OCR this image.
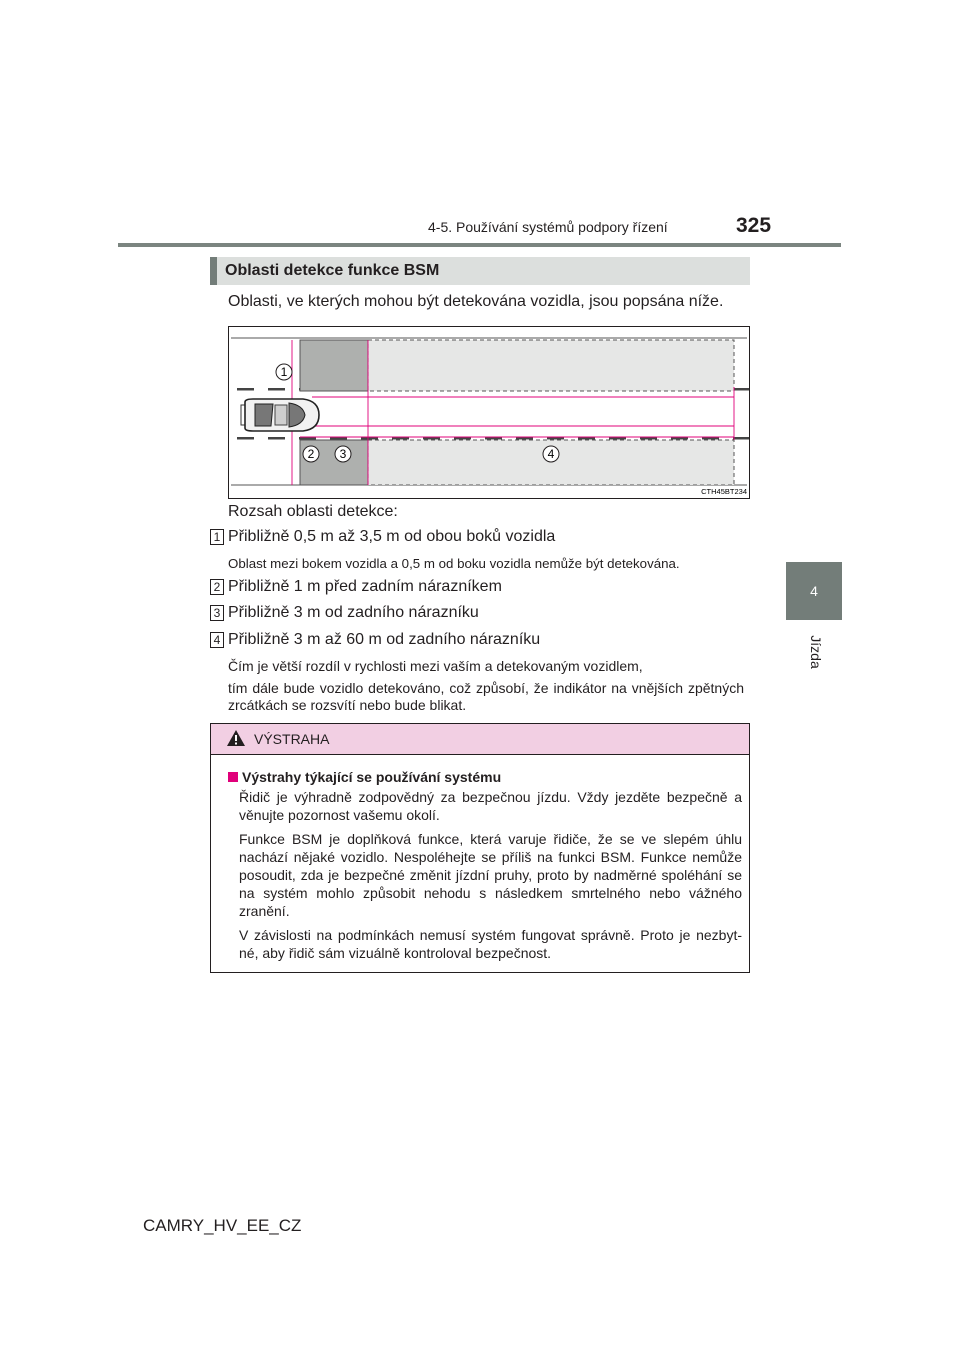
4-5. Používání systémů podpory řízení	325
4
Jízda
Oblasti detekce funkce BSM
Oblasti, ve kterých mohou být detekována vozidla, jsou popsána níže.
1
2 3	4
CTH45BT234
Rozsah oblasti detekce:
1 Přibližně 0,5 m až 3,5 m od obou boků vozidla
Oblast mezi bokem vozidla a 0,5 m od boku vozidla nemůže být detekována.
2 Přibližně 1 m před zadním nárazníkem
3 Přibližně 3 m od zadního nárazníku
4 Přibližně 3 m až 60 m od zadního nárazníku
Čím je větší rozdíl v rychlosti mezi vaším a detekovaným vozidlem,
tím dále bude vozidlo detekováno, což způsobí, že indikátor na vnějších zpětných zrcátkách se rozsvítí nebo bude blikat.
VÝSTRAHA

Výstrahy týkající se používání systému

Řidič je výhradně zodpovědný za bezpečnou jízdu. Vždy jezděte bezpečně a věnujte pozornost vašemu okolí.

Funkce BSM je doplňková funkce, která varuje řidiče, že se ve slepém úhlu nachází nějaké vozidlo. Nespoléhejte se příliš na funkci BSM. Funkce nemůže posoudit, zda je bezpečné změnit jízdní pruhy, proto by nadměrné spoléhání se na systém mohlo způsobit nehodu s následkem smrtelného nebo vážného zranění.

V závislosti na podmínkách nemusí systém fungovat správně. Proto je nezbyt-né, aby řidič sám vizuálně kontroloval bezpečnost.

CAMRY_HV_EE_CZ
